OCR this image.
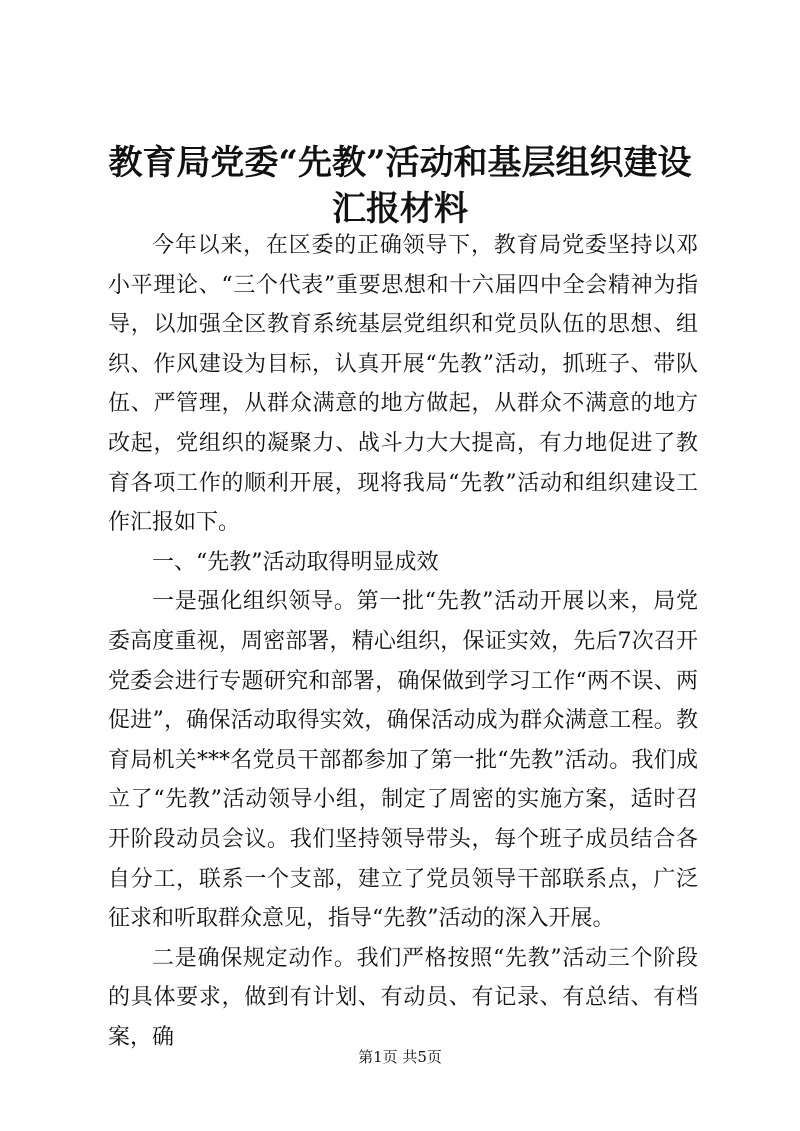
教育局党委“先教”活动和基层组织建设汇报材料

今年以来，在区委的正确领导下，教育局党委坚持以邓小平理论、“三个代表”重要思想和十六届四中全会精神为指导，以加强全区教育系统基层党组织和党员队伍的思想、组织、作风建设为目标，认真开展“先教”活动，抓班子、带队伍、严管理，从群众满意的地方做起，从群众不满意的地方改起，党组织的凝聚力、战斗力大大提高，有力地促进了教育各项工作的顺利开展，现将我局“先教”活动和组织建设工作汇报如下。

一、“先教”活动取得明显成效

一是强化组织领导。第一批“先教”活动开展以来，局党委高度重视，周密部署，精心组织，保证实效，先后7次召开党委会进行专题研究和部署，确保做到学习工作“两不误、两促进”，确保活动取得实效，确保活动成为群众满意工程。教育局机关***名党员干部都参加了第一批“先教”活动。我们成立了“先教”活动领导小组，制定了周密的实施方案，适时召开阶段动员会议。我们坚持领导带头，每个班子成员结合各自分工，联系一个支部，建立了党员领导干部联系点，广泛征求和听取群众意见，指导“先教”活动的深入开展。

二是确保规定动作。我们严格按照“先教”活动三个阶段的具体要求，做到有计划、有动员、有记录、有总结、有档案，确

第1页 共5页
